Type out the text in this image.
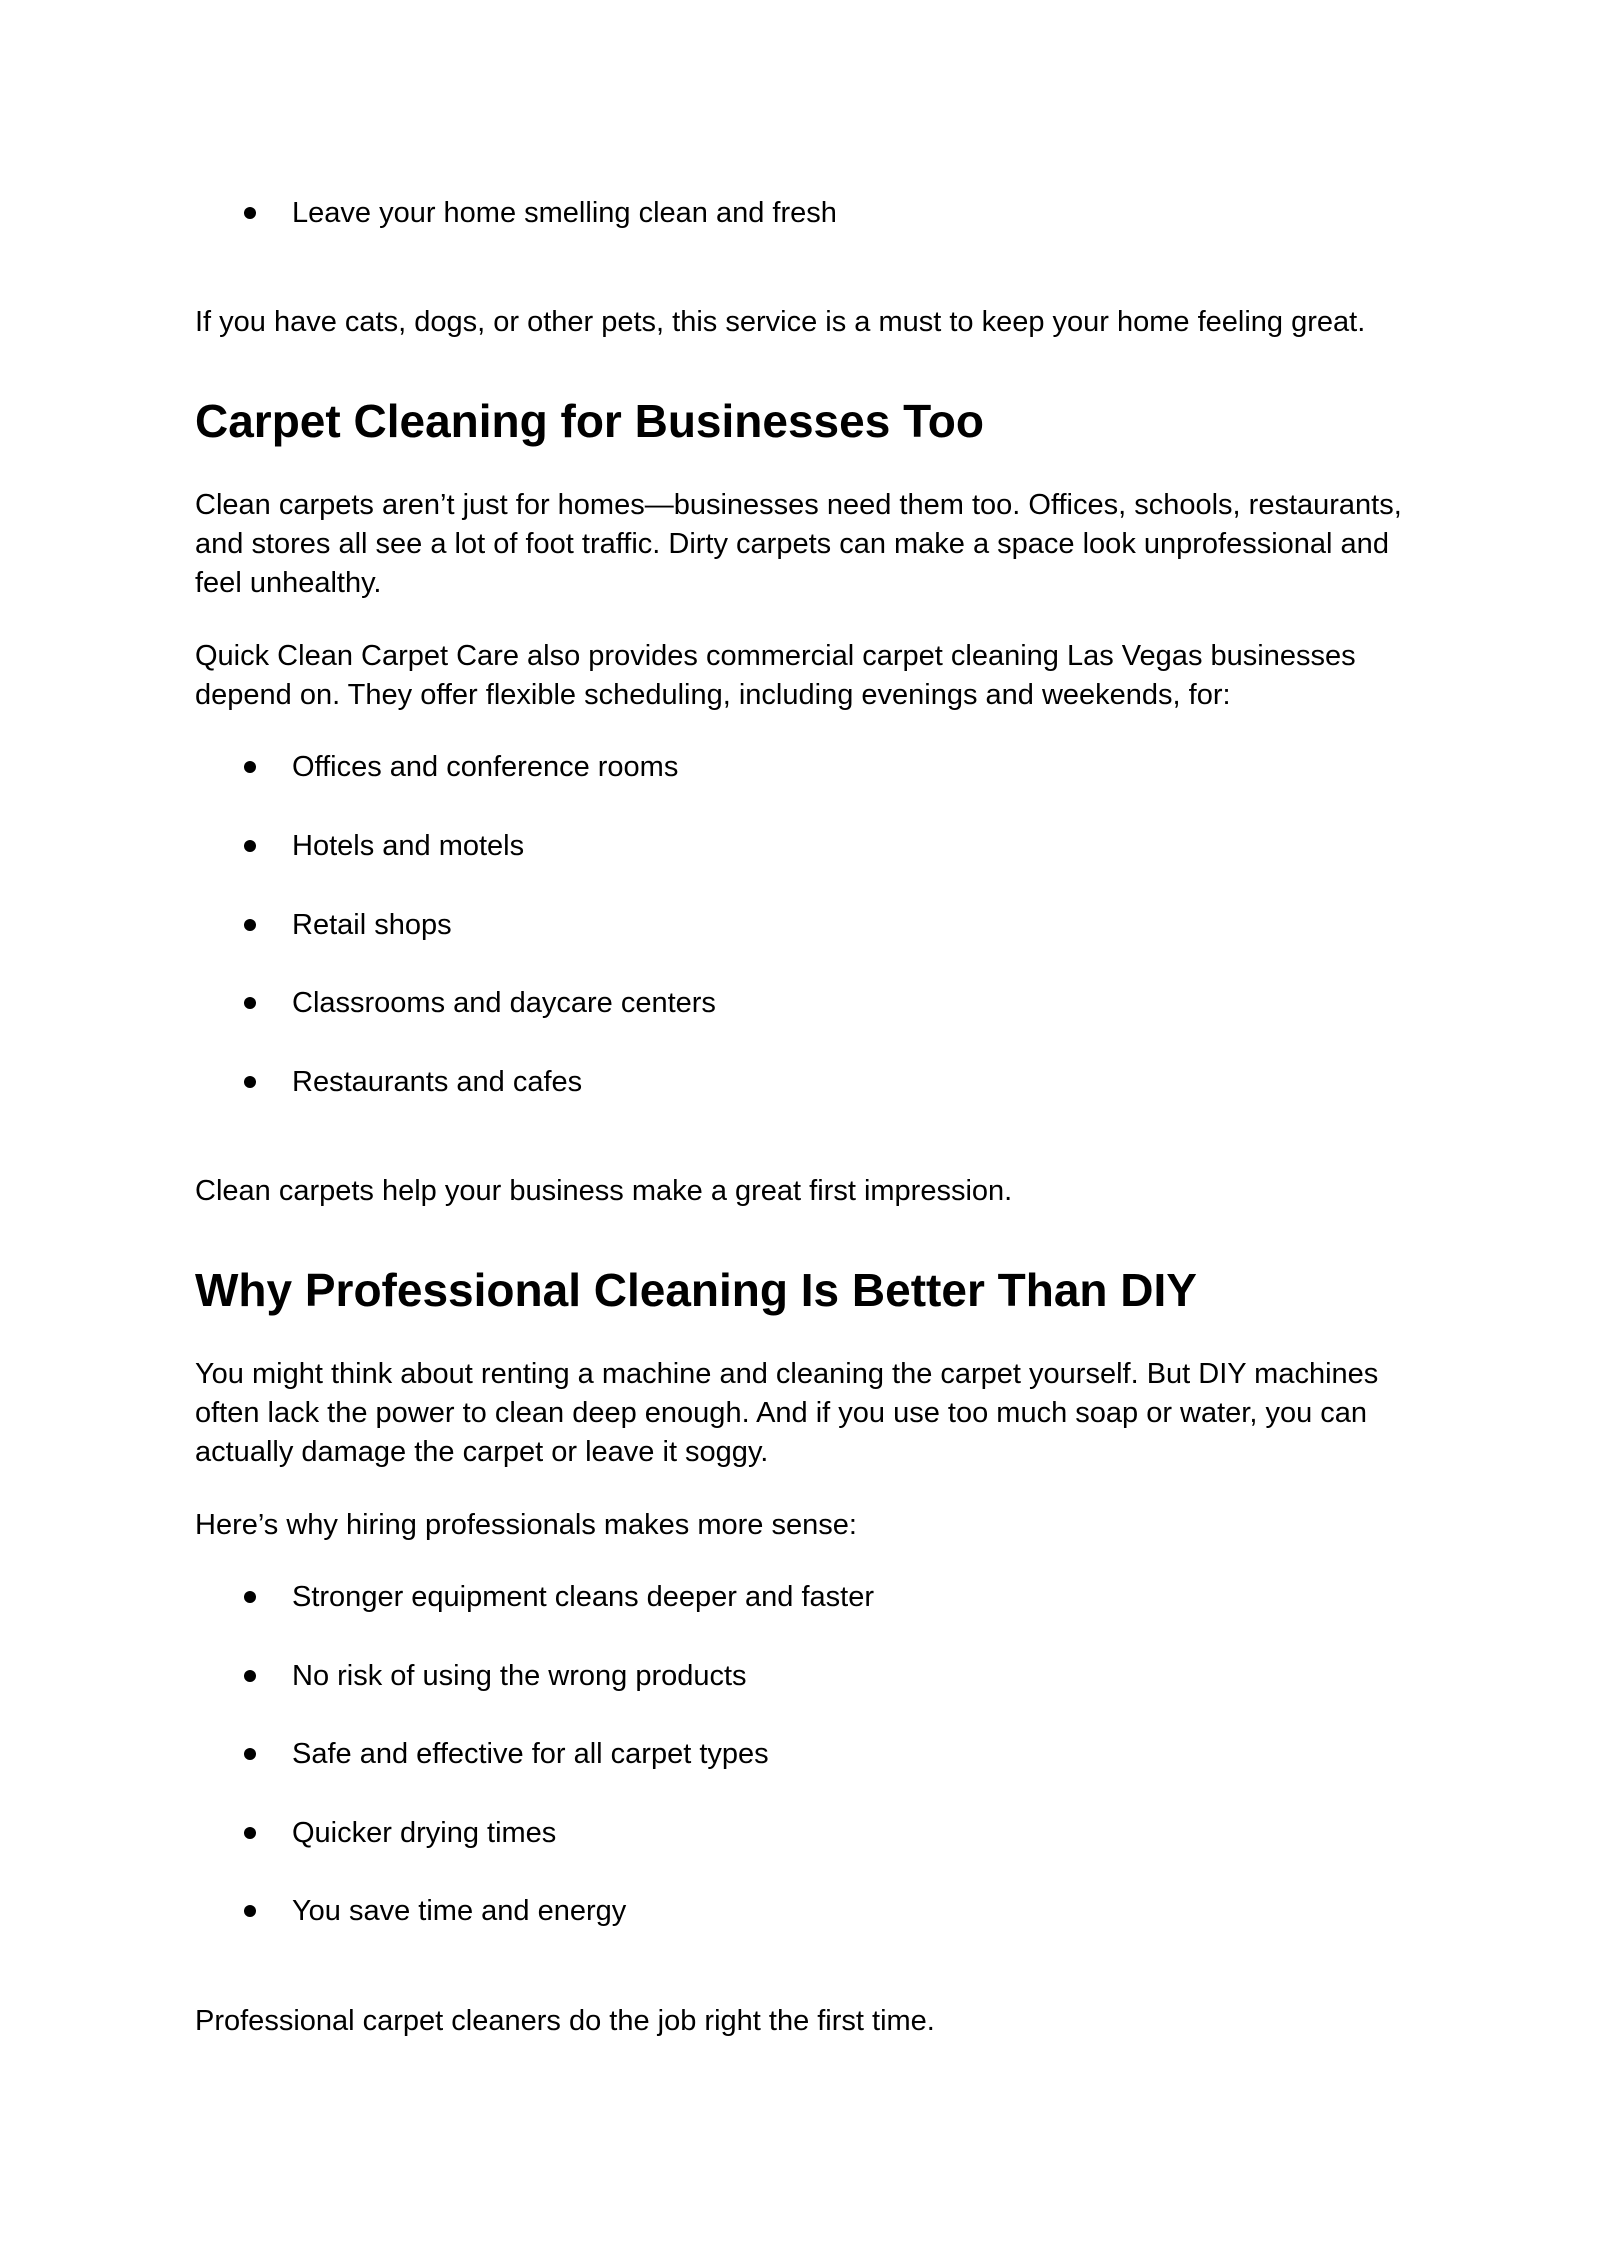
Leave your home smelling clean and fresh

If you have cats, dogs, or other pets, this service is a must to keep your home feeling great.

Carpet Cleaning for Businesses Too

Clean carpets aren’t just for homes—businesses need them too. Offices, schools, restaurants, and stores all see a lot of foot traffic. Dirty carpets can make a space look unprofessional and feel unhealthy.

Quick Clean Carpet Care also provides commercial carpet cleaning Las Vegas businesses depend on. They offer flexible scheduling, including evenings and weekends, for:

Offices and conference rooms
Hotels and motels
Retail shops
Classrooms and daycare centers
Restaurants and cafes

Clean carpets help your business make a great first impression.

Why Professional Cleaning Is Better Than DIY

You might think about renting a machine and cleaning the carpet yourself. But DIY machines often lack the power to clean deep enough. And if you use too much soap or water, you can actually damage the carpet or leave it soggy.

Here’s why hiring professionals makes more sense:

Stronger equipment cleans deeper and faster
No risk of using the wrong products
Safe and effective for all carpet types
Quicker drying times
You save time and energy

Professional carpet cleaners do the job right the first time.
